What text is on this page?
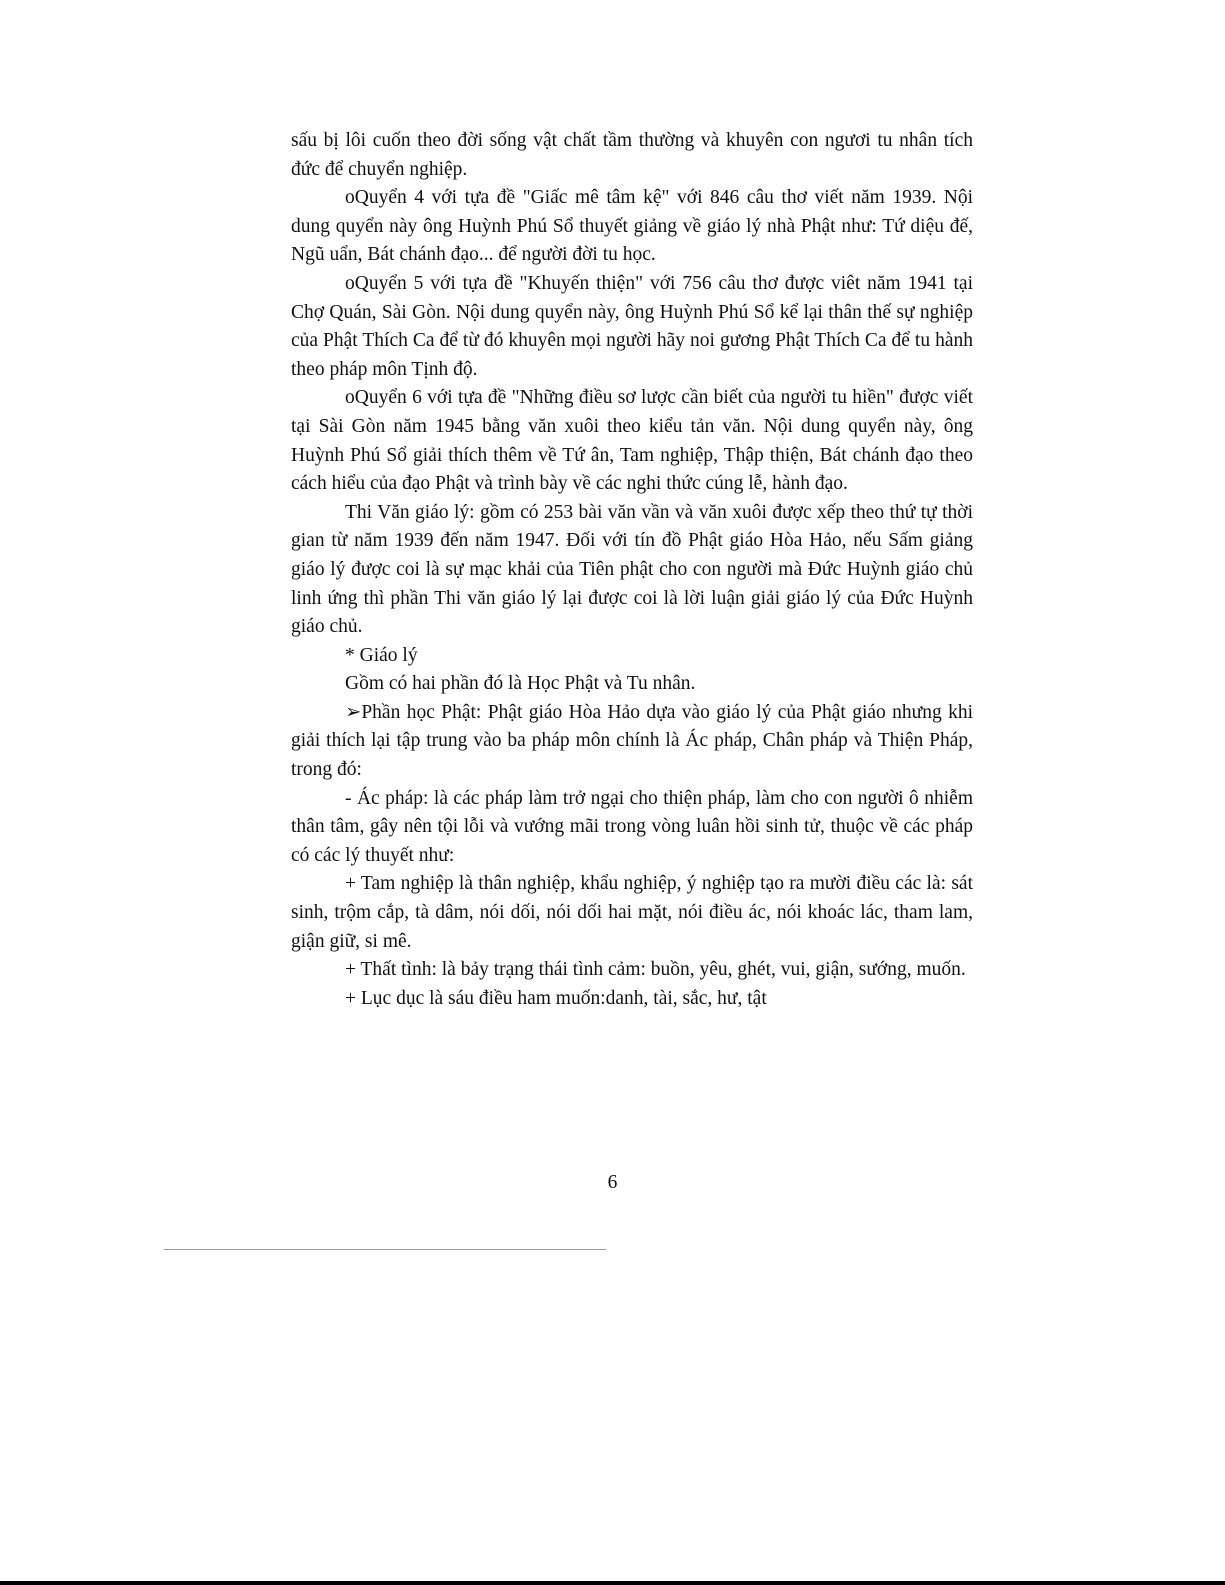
sấu bị lôi cuốn theo đời sống vật chất tầm thường và khuyên con ngươi tu nhân tích đức để chuyển nghiệp.

oQuyển 4 với tựa đề "Giấc mê tâm kệ" với 846 câu thơ viết năm 1939. Nội dung quyển này ông Huỳnh Phú Sổ thuyết giảng về giáo lý nhà Phật như: Tứ diệu đế, Ngũ uẩn, Bát chánh đạo... để người đời tu học.

oQuyển 5 với tựa đề "Khuyến thiện" với 756 câu thơ được viêt năm 1941 tại Chợ Quán, Sài Gòn. Nội dung quyển này, ông Huỳnh Phú Sổ kể lại thân thế sự nghiệp của Phật Thích Ca để từ đó khuyên mọi người hãy noi gương Phật Thích Ca để tu hành theo pháp môn Tịnh độ.

oQuyển 6 với tựa đề "Những điều sơ lược cần biết của người tu hiền" được viết tại Sài Gòn năm 1945 bằng văn xuôi theo kiểu tản văn. Nội dung quyển này, ông Huỳnh Phú Sổ giải thích thêm về Tứ ân, Tam nghiệp, Thập thiện, Bát chánh đạo theo cách hiểu của đạo Phật và trình bày về các nghi thức cúng lễ, hành đạo.

Thi Văn giáo lý: gồm có 253 bài văn vần và văn xuôi được xếp theo thứ tự thời gian từ năm 1939 đến năm 1947. Đối với tín đồ Phật giáo Hòa Hảo, nếu Sấm giảng giáo lý được coi là sự mạc khải của Tiên phật cho con người mà Đức Huỳnh giáo chủ linh ứng thì phần Thi văn giáo lý lại được coi là lời luận giải giáo lý của Đức Huỳnh giáo chủ.

* Giáo lý

Gồm có hai phần đó là Học Phật và Tu nhân.

➢Phần học Phật: Phật giáo Hòa Hảo dựa vào giáo lý của Phật giáo nhưng khi giải thích lại tập trung vào ba pháp môn chính là Ác pháp, Chân pháp và Thiện Pháp, trong đó:

- Ác pháp: là các pháp làm trở ngại cho thiện pháp, làm cho con người ô nhiễm thân tâm, gây nên tội lỗi và vướng mãi trong vòng luân hồi sinh tử, thuộc về các pháp có các lý thuyết như:

+ Tam nghiệp là thân nghiệp, khẩu nghiệp, ý nghiệp tạo ra mười điều các là: sát sinh, trộm cắp, tà dâm, nói dối, nói dối hai mặt, nói điều ác, nói khoác lác, tham lam, giận giữ, si mê.

+ Thất tình: là bảy trạng thái tình cảm: buồn, yêu, ghét, vui, giận, sướng, muốn.

+ Lục dục là sáu điều ham muốn:danh, tài, sắc, hư, tật

6
